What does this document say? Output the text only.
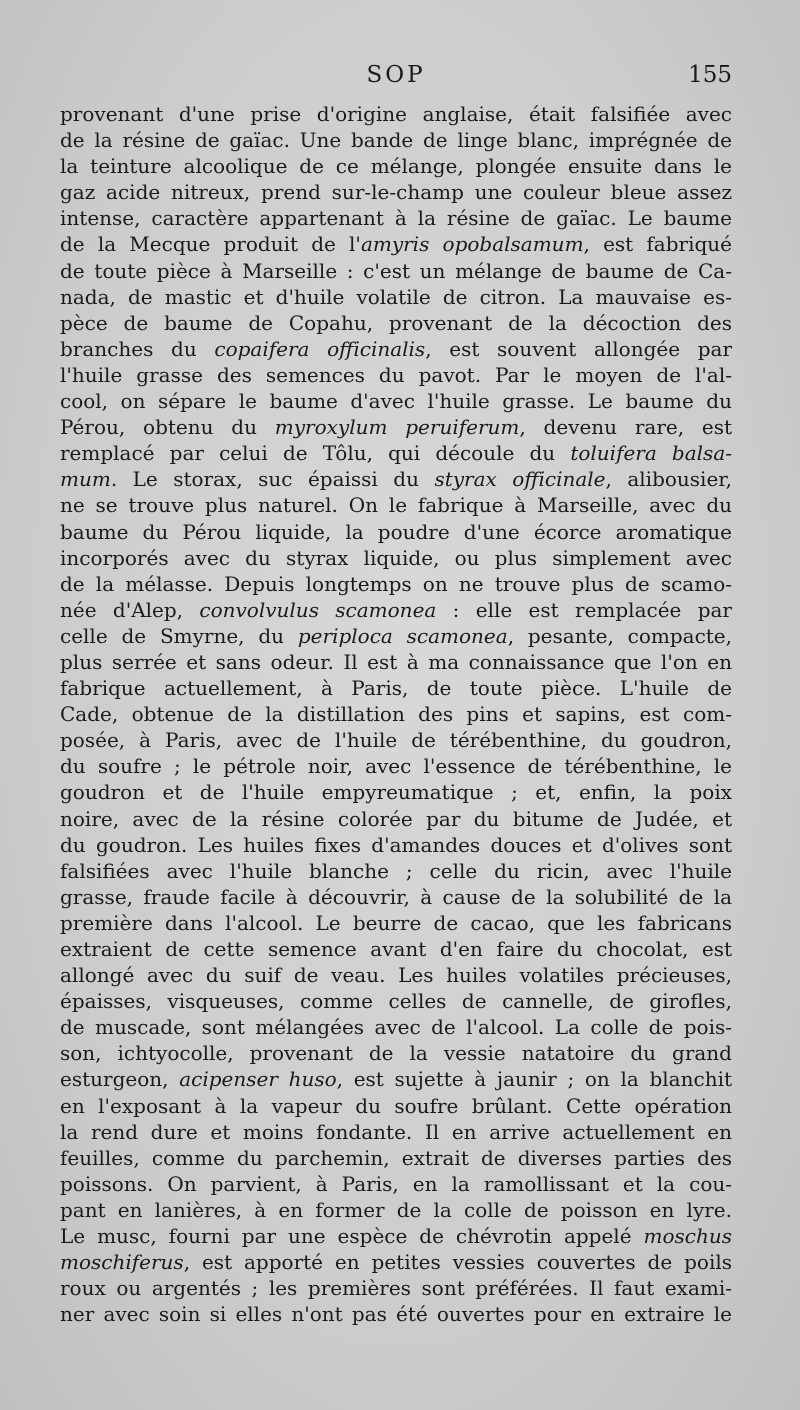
SOP	155
provenant d'une prise d'origine anglaise, était falsifiée avec
de la résine de gaïac. Une bande de linge blanc, imprégnée de
la teinture alcoolique de ce mélange, plongée ensuite dans le
gaz acide nitreux, prend sur-le-champ une couleur bleue assez
intense, caractère appartenant à la résine de gaïac. Le baume
de la Mecque produit de l'amyris opobalsamum, est fabriqué
de toute pièce à Marseille : c'est un mélange de baume de Ca-
nada, de mastic et d'huile volatile de citron. La mauvaise es-
pèce de baume de Copahu, provenant de la décoction des
branches du copaifera officinalis, est souvent allongée par
l'huile grasse des semences du pavot. Par le moyen de l'al-
cool, on sépare le baume d'avec l'huile grasse. Le baume du
Pérou, obtenu du myroxylum peruiferum, devenu rare, est
remplacé par celui de Tôlu, qui découle du toluifera balsa-
mum. Le storax, suc épaissi du styrax officinale, alibousier,
ne se trouve plus naturel. On le fabrique à Marseille, avec du
baume du Pérou liquide, la poudre d'une écorce aromatique
incorporés avec du styrax liquide, ou plus simplement avec
de la mélasse. Depuis longtemps on ne trouve plus de scamo-
née d'Alep, convolvulus scamonea : elle est remplacée par
celle de Smyrne, du periploca scamonea, pesante, compacte,
plus serrée et sans odeur. Il est à ma connaissance que l'on en
fabrique actuellement, à Paris, de toute pièce. L'huile de
Cade, obtenue de la distillation des pins et sapins, est com-
posée, à Paris, avec de l'huile de térébenthine, du goudron,
du soufre ; le pétrole noir, avec l'essence de térébenthine, le
goudron et de l'huile empyreumatique ; et, enfin, la poix
noire, avec de la résine colorée par du bitume de Judée, et
du goudron. Les huiles fixes d'amandes douces et d'olives sont
falsifiées avec l'huile blanche ; celle du ricin, avec l'huile
grasse, fraude facile à découvrir, à cause de la solubilité de la
première dans l'alcool. Le beurre de cacao, que les fabricans
extraient de cette semence avant d'en faire du chocolat, est
allongé avec du suif de veau. Les huiles volatiles précieuses,
épaisses, visqueuses, comme celles de cannelle, de girofles,
de muscade, sont mélangées avec de l'alcool. La colle de pois-
son, ichtyocolle, provenant de la vessie natatoire du grand
esturgeon, acipenser huso, est sujette à jaunir ; on la blanchit
en l'exposant à la vapeur du soufre brûlant. Cette opération
la rend dure et moins fondante. Il en arrive actuellement en
feuilles, comme du parchemin, extrait de diverses parties des
poissons. On parvient, à Paris, en la ramollissant et la cou-
pant en lanières, à en former de la colle de poisson en lyre.
Le musc, fourni par une espèce de chévrotin appelé moschus
moschiferus, est apporté en petites vessies couvertes de poils
roux ou argentés ; les premières sont préférées. Il faut exami-
ner avec soin si elles n'ont pas été ouvertes pour en extraire le
